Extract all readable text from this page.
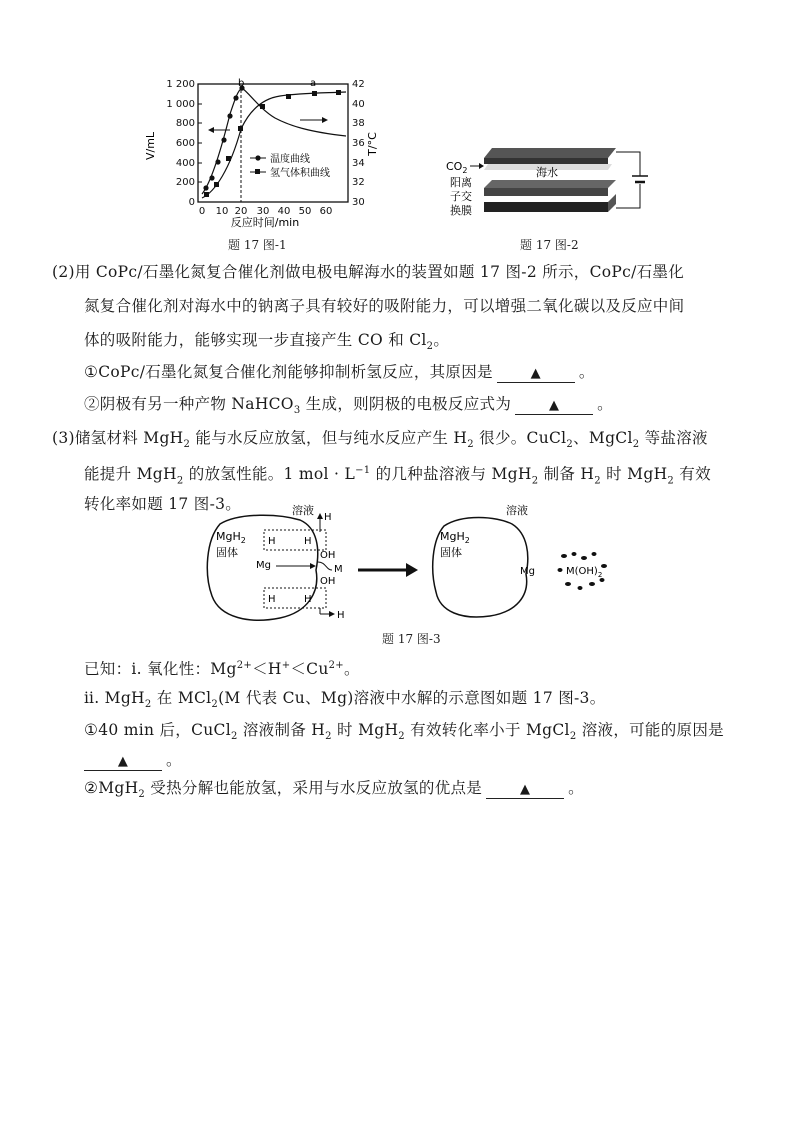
0
200
400
600
800
1 000
1 200
30
32
34
36
38
40
42
0 10 20 30 40 50 60
反应时间/min
V/mL	T/°C
b	a
温度曲线
氢气体积曲线
题 17 图-1
$CO_2$	海水
阳离
子交
换膜
题 17 图-2
(2)用 CoPc/石墨化氮复合催化剂做电极电解海水的装置如题 17 图-2 所示，CoPc/石墨化
氮复合催化剂对海水中的钠离子具有较好的吸附能力，可以增强二氧化碳以及反应中间
体的吸附能力，能够实现一步直接产生 CO 和 $Cl_2$。
①CoPc/石墨化氮复合催化剂能够抑制析氢反应，其原因是	▲ 。
②阴极有另一种产物 NaHCO$_3$ 生成，则阴极的电极反应式为	▲ 。
(3)储氢材料 MgH$_2$ 能与水反应放氢，但与纯水反应产生 $H_2$ 很少。CuCl$_2$、MgCl$_2$ 等盐溶液
能提升 MgH$_2$ 的放氢性能。1 mol · $L^{-1}$ 的几种盐溶液与 MgH$_2$ 制备 $H_2$ 时 MgH$_2$ 有效
转化率如题 17 图-3。
MgH$_2$
固体
溶液
H
H	H
OH
Mg	M
OH
H	H
H
MgH$_2$
固体
溶液
Mg	$M(OH)_2$
题 17 图-3
已知：ⅰ. 氧化性：$Mg^{2+}<H^+<Cu^{2+}$。
ⅱ. MgH$_2$ 在 MCl$_2$(M 代表 Cu、Mg)溶液中水解的示意图如题 17 图-3。
①40 min 后，CuCl$_2$ 溶液制备 $H_2$ 时 MgH$_2$ 有效转化率小于 MgCl$_2$ 溶液，可能的原因是
▲ 。
②MgH$_2$ 受热分解也能放氢，采用与水反应放氢的优点是	▲ 。
